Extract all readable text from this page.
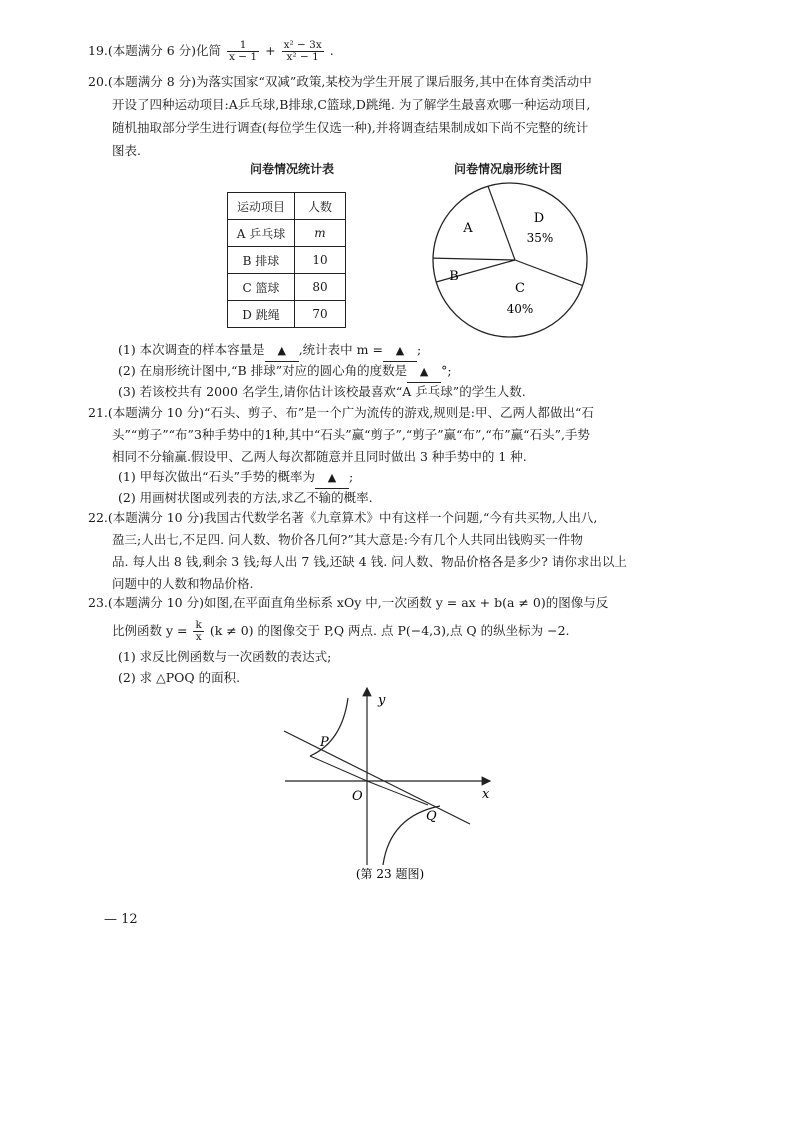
19.(本题满分 6 分)化简 $\frac{1}{x - 1} + \frac{\text{x² − 3x}}{\text{x² − 1}}$ .
20.(本题满分 8 分)为落实国家“双减”政策,某校为学生开展了课后服务,其中在体育类活动中
开设了四种运动项目:A乒乓球,B排球,C篮球,D跳绳. 为了解学生最喜欢哪一种运动项目,
随机抽取部分学生进行调查(每位学生仅选一种),并将调查结果制成如下尚不完整的统计
图表.
问卷情况统计表	问卷情况扇形统计图
运动项目	人数
A 乒乓球	m
B 排球	10
C 篮球	80
D 跳绳	70
A
B
C
40%
D
35%
(1) 本次调查的样本容量是 ▲ ,统计表中 m = ▲ ;
(2) 在扇形统计图中,“B 排球”对应的圆心角的度数是 ▲ °;
(3) 若该校共有 2000 名学生,请你估计该校最喜欢“A 乒乓球”的学生人数.
21.(本题满分 10 分)“石头、剪子、布”是一个广为流传的游戏,规则是:甲、乙两人都做出“石
头”“剪子”“布”3种手势中的1种,其中“石头”赢“剪子”,“剪子”赢“布”,“布”赢“石头”,手势
相同不分输赢.假设甲、乙两人每次都随意并且同时做出 3 种手势中的 1 种.
(1) 甲每次做出“石头”手势的概率为 ▲ ;
(2) 用画树状图或列表的方法,求乙不输的概率.
22.(本题满分 10 分)我国古代数学名著《九章算术》中有这样一个问题,“今有共买物,人出八,
盈三;人出七,不足四. 问人数、物价各几何?”其大意是:今有几个人共同出钱购买一件物
品. 每人出 8 钱,剩余 3 钱;每人出 7 钱,还缺 4 钱. 问人数、物品价格各是多少? 请你求出以上
问题中的人数和物品价格.
23.(本题满分 10 分)如图,在平面直角坐标系 xOy 中,一次函数 y = ax + b(a ≠ 0)的图像与反
比例函数 $y = \frac{k}{x} (k \ne 0)$ 的图像交于 P,Q 两点. 点 P(−4,3),点 Q 的纵坐标为 −2.
(1) 求反比例函数与一次函数的表达式;
(2) 求 △POQ 的面积.
y
x
O
P
Q
(第 23 题图)
— 12
